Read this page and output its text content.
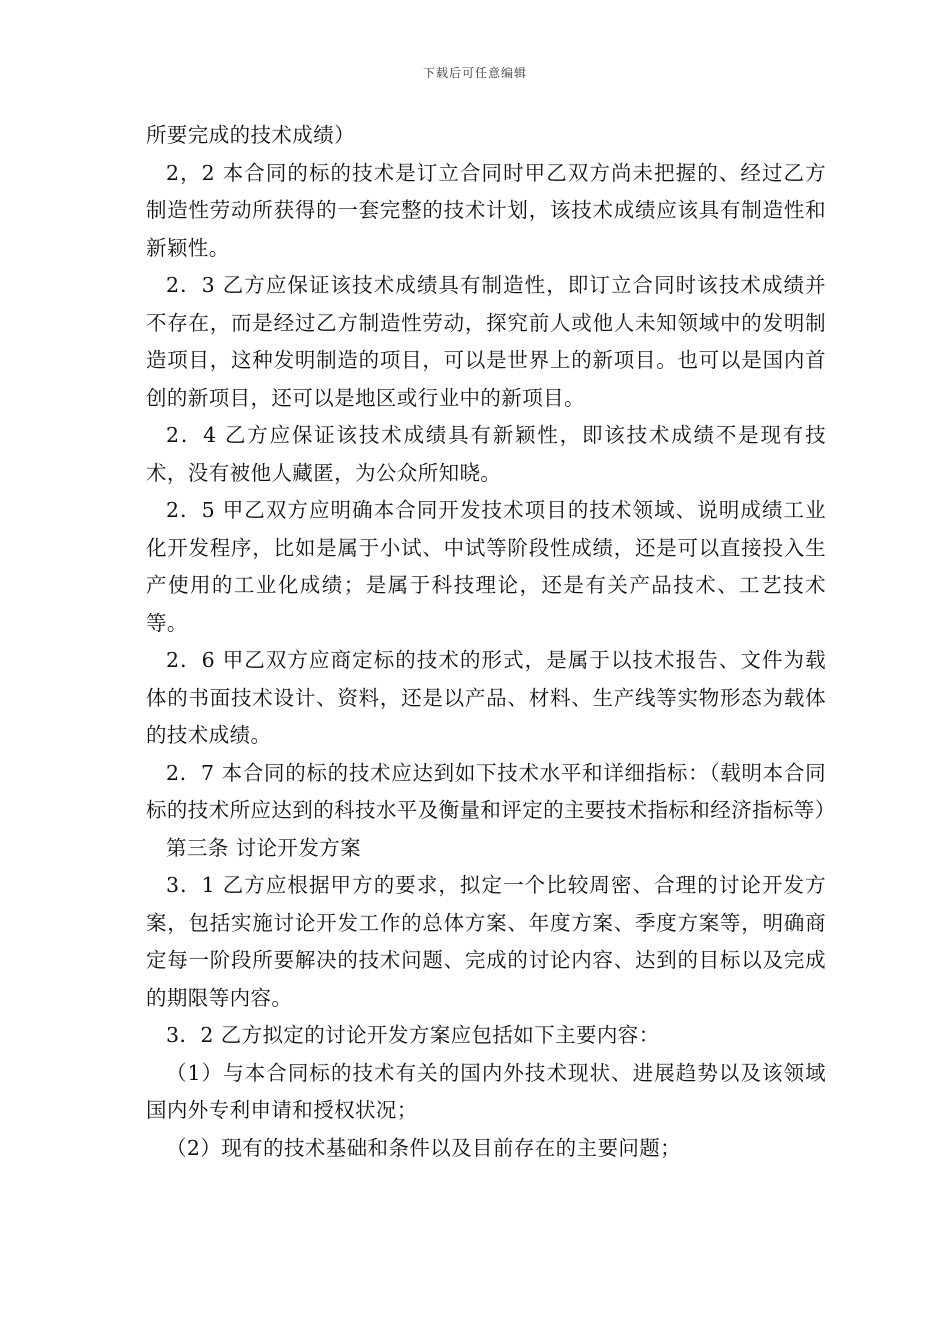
下载后可任意编辑

所要完成的技术成绩）

2，2 本合同的标的技术是订立合同时甲乙双方尚未把握的、经过乙方制造性劳动所获得的一套完整的技术计划，该技术成绩应该具有制造性和新颖性。

2．3 乙方应保证该技术成绩具有制造性，即订立合同时该技术成绩并不存在，而是经过乙方制造性劳动，探究前人或他人未知领域中的发明制造项目，这种发明制造的项目，可以是世界上的新项目。也可以是国内首创的新项目，还可以是地区或行业中的新项目。

2．4 乙方应保证该技术成绩具有新颖性，即该技术成绩不是现有技术，没有被他人藏匿，为公众所知晓。

2．5 甲乙双方应明确本合同开发技术项目的技术领域、说明成绩工业化开发程序，比如是属于小试、中试等阶段性成绩，还是可以直接投入生产使用的工业化成绩；是属于科技理论，还是有关产品技术、工艺技术等。

2．6 甲乙双方应商定标的技术的形式，是属于以技术报告、文件为载体的书面技术设计、资料，还是以产品、材料、生产线等实物形态为载体的技术成绩。

2．7 本合同的标的技术应达到如下技术水平和详细指标：（载明本合同标的技术所应达到的科技水平及衡量和评定的主要技术指标和经济指标等）

第三条 讨论开发方案

3．1 乙方应根据甲方的要求，拟定一个比较周密、合理的讨论开发方案，包括实施讨论开发工作的总体方案、年度方案、季度方案等，明确商定每一阶段所要解决的技术问题、完成的讨论内容、达到的目标以及完成的期限等内容。

3．2 乙方拟定的讨论开发方案应包括如下主要内容：

（1）与本合同标的技术有关的国内外技术现状、进展趋势以及该领域国内外专利申请和授权状况；

（2）现有的技术基础和条件以及目前存在的主要问题；
